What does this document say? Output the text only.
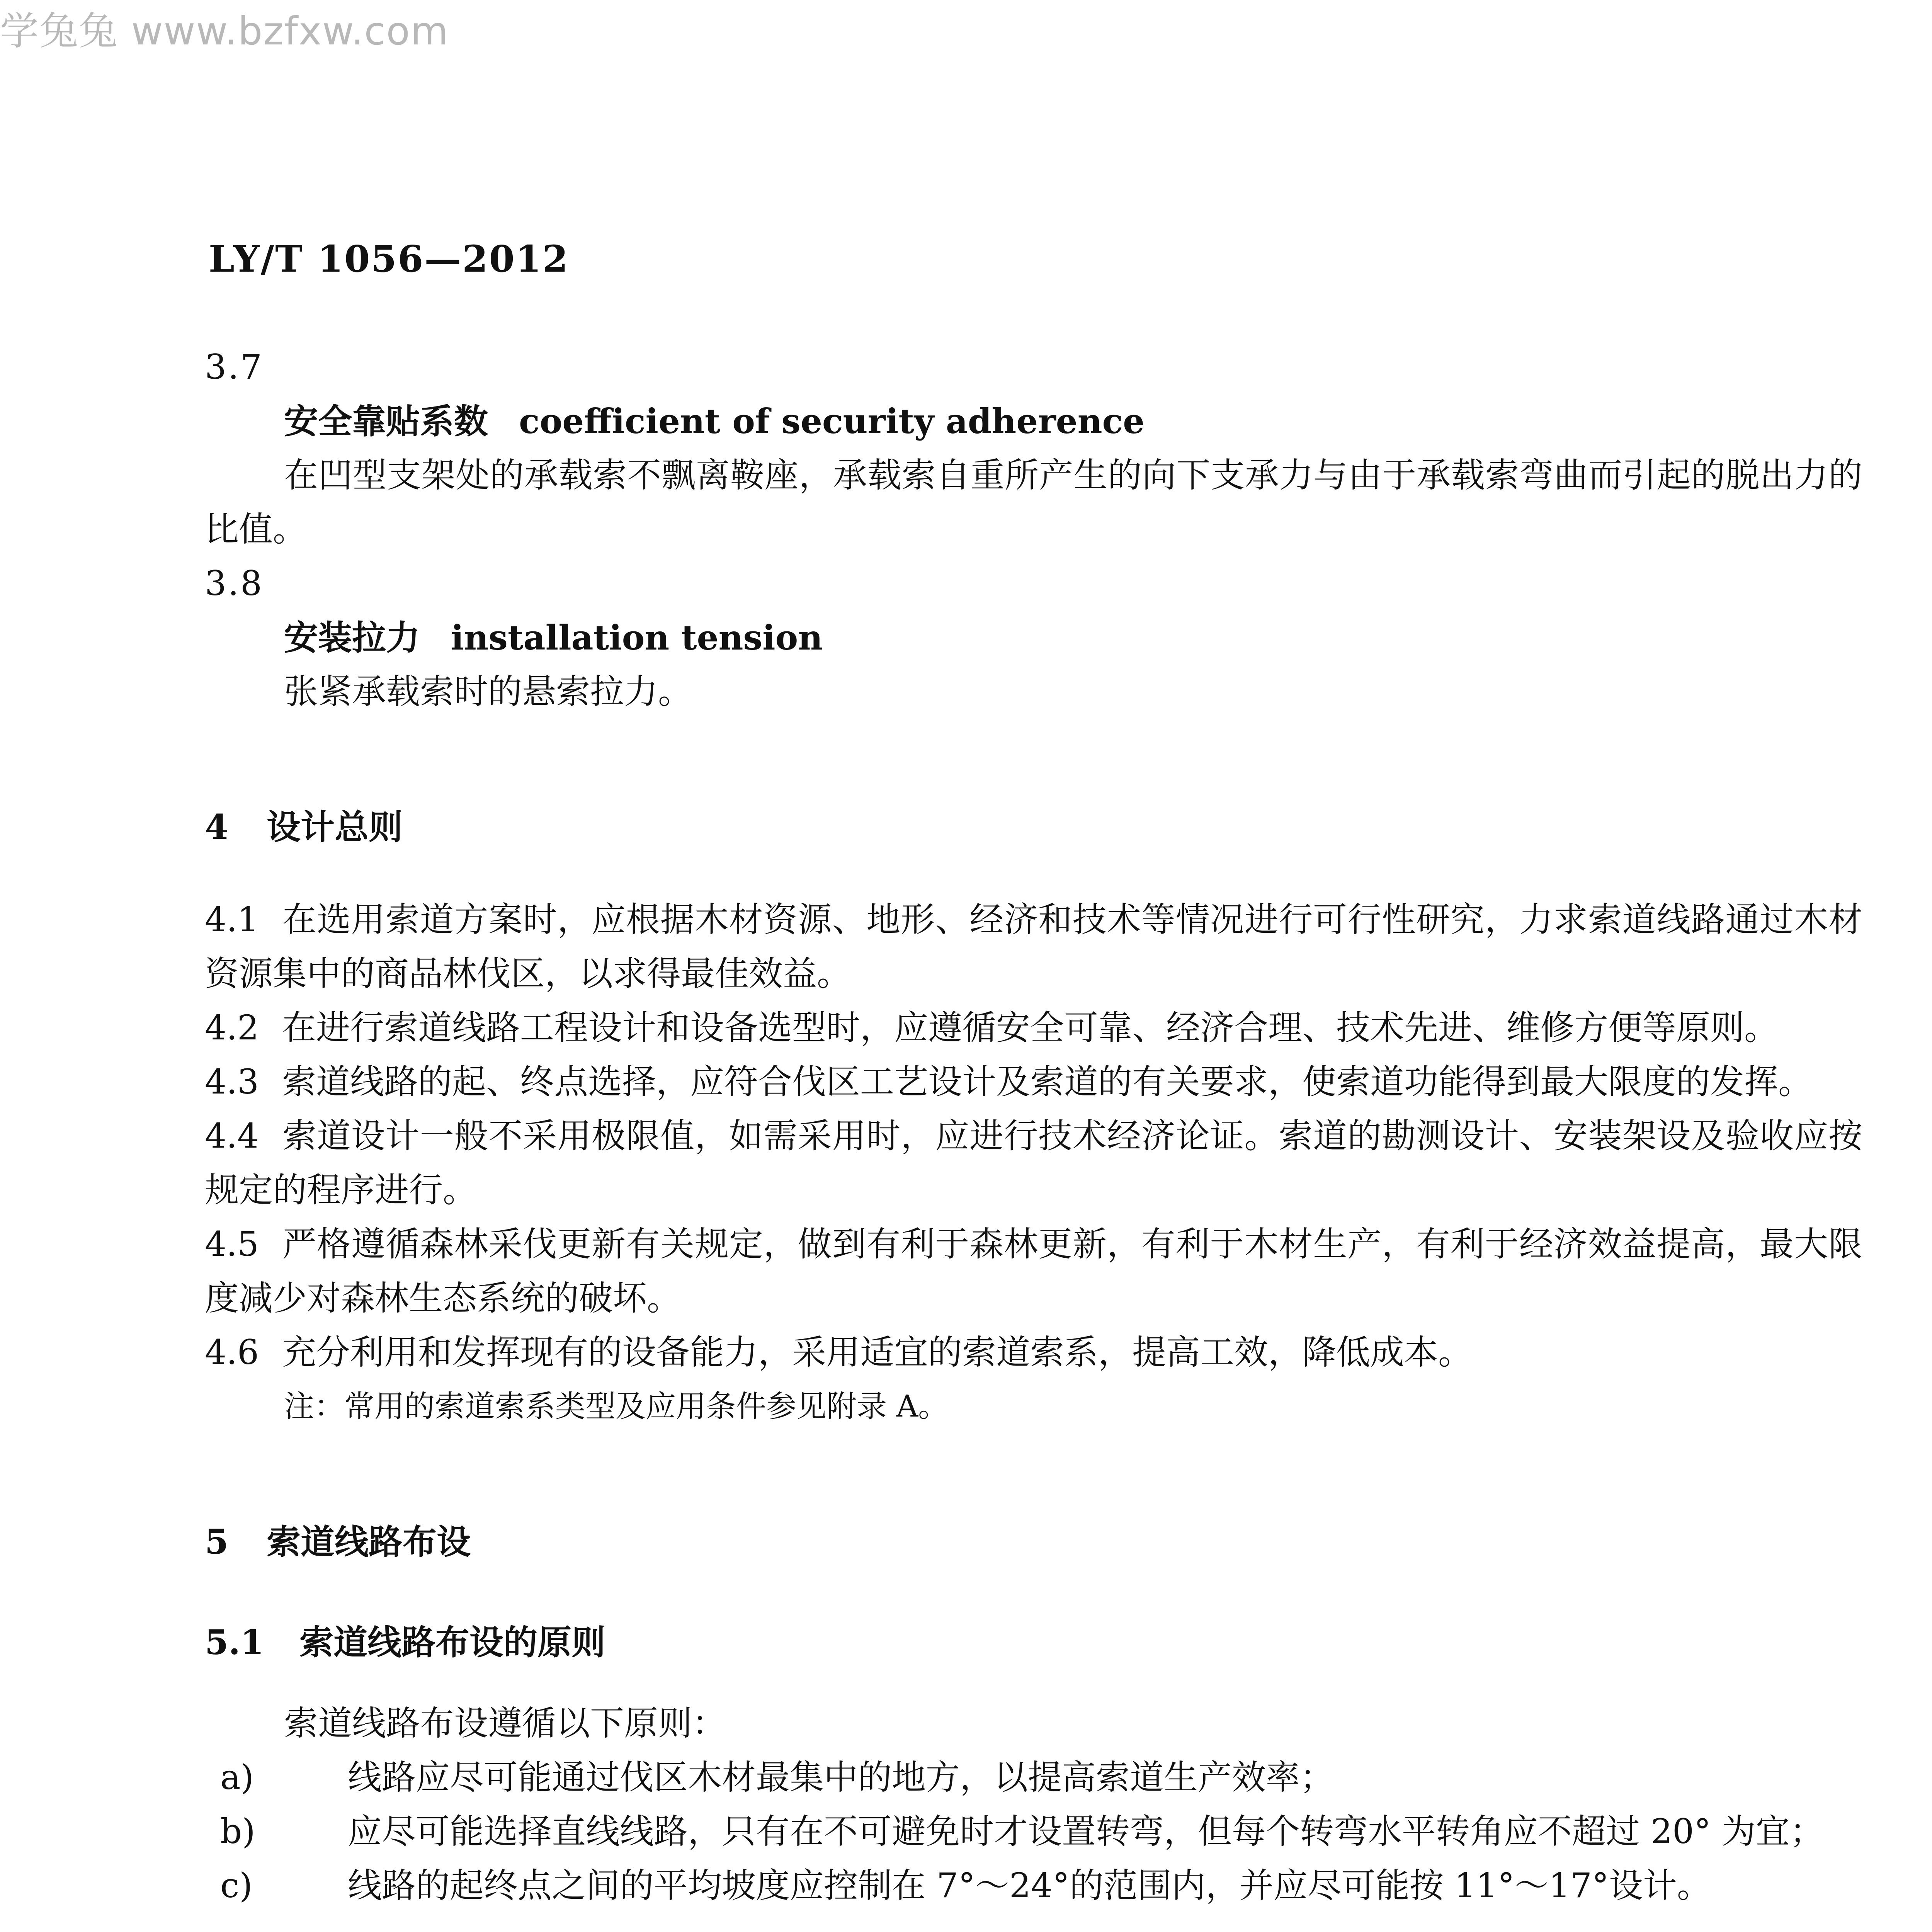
学兔兔 www.bzfxw.com
LY/T 1056—2012
3.7
安全靠贴系数 coefficient of security adherence

在凹型支架处的承载索不飘离鞍座，承载索自重所产生的向下支承力与由于承载索弯曲而引起的脱出力的比值。

3.8
安装拉力 installation tension

张紧承载索时的悬索拉力。

4 设计总则

4.1 在选用索道方案时，应根据木材资源、地形、经济和技术等情况进行可行性研究，力求索道线路通过木材资源集中的商品林伐区，以求得最佳效益。

4.2 在进行索道线路工程设计和设备选型时，应遵循安全可靠、经济合理、技术先进、维修方便等原则。

4.3 索道线路的起、终点选择，应符合伐区工艺设计及索道的有关要求，使索道功能得到最大限度的发挥。

4.4 索道设计一般不采用极限值，如需采用时，应进行技术经济论证。索道的勘测设计、安装架设及验收应按规定的程序进行。

4.5 严格遵循森林采伐更新有关规定，做到有利于森林更新，有利于木材生产，有利于经济效益提高，最大限度减少对森林生态系统的破坏。

4.6 充分利用和发挥现有的设备能力，采用适宜的索道索系，提高工效，降低成本。

注：常用的索道索系类型及应用条件参见附录 A。

5 索道线路布设
5.1 索道线路布设的原则

索道线路布设遵循以下原则：

a)	线路应尽可能通过伐区木材最集中的地方，以提高索道生产效率；
b)	应尽可能选择直线线路，只有在不可避免时才设置转弯，但每个转弯水平转角应不超过 20° 为宜；
c)	线路的起终点之间的平均坡度应控制在 7°～24°的范围内，并应尽可能按 11°～17°设计。
